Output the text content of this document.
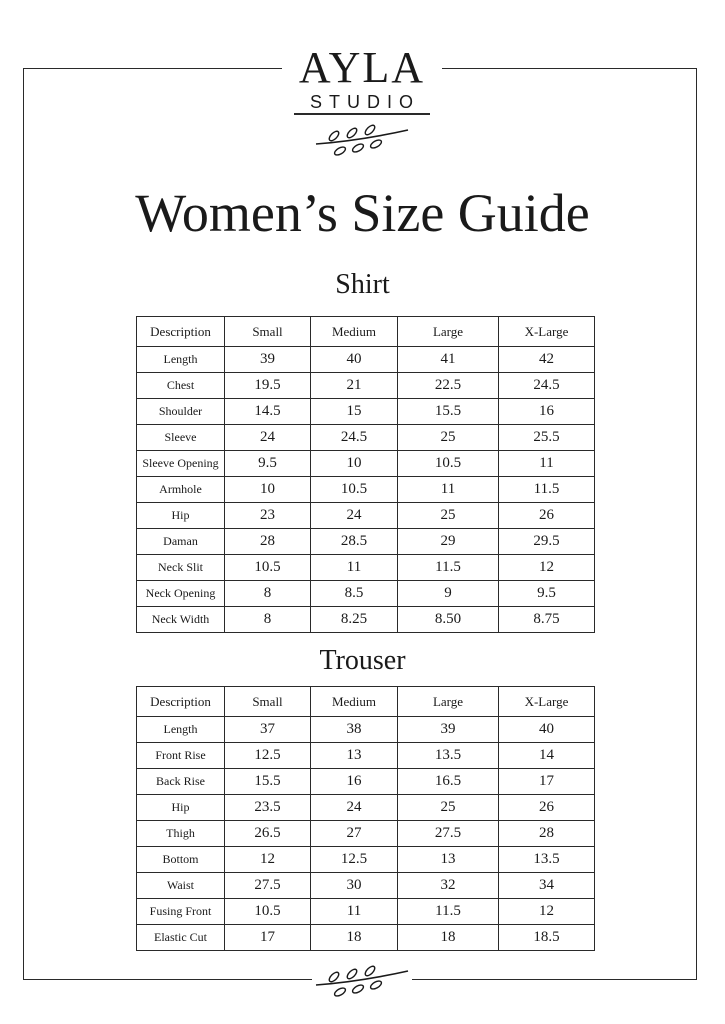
AYLA
STUDIO
Women’s Size Guide
Shirt
Description	Small	Medium	Large	X-Large
Length	39	40	41	42
Chest	19.5	21	22.5	24.5
Shoulder	14.5	15	15.5	16
Sleeve	24	24.5	25	25.5
Sleeve Opening	9.5	10	10.5	11
Armhole	10	10.5	11	11.5
Hip	23	24	25	26
Daman	28	28.5	29	29.5
Neck Slit	10.5	11	11.5	12
Neck Opening	8	8.5	9	9.5
Neck Width	8	8.25	8.50	8.75
Trouser
Description	Small	Medium	Large	X-Large
Length	37	38	39	40
Front Rise	12.5	13	13.5	14
Back Rise	15.5	16	16.5	17
Hip	23.5	24	25	26
Thigh	26.5	27	27.5	28
Bottom	12	12.5	13	13.5
Waist	27.5	30	32	34
Fusing Front	10.5	11	11.5	12
Elastic Cut	17	18	18	18.5
